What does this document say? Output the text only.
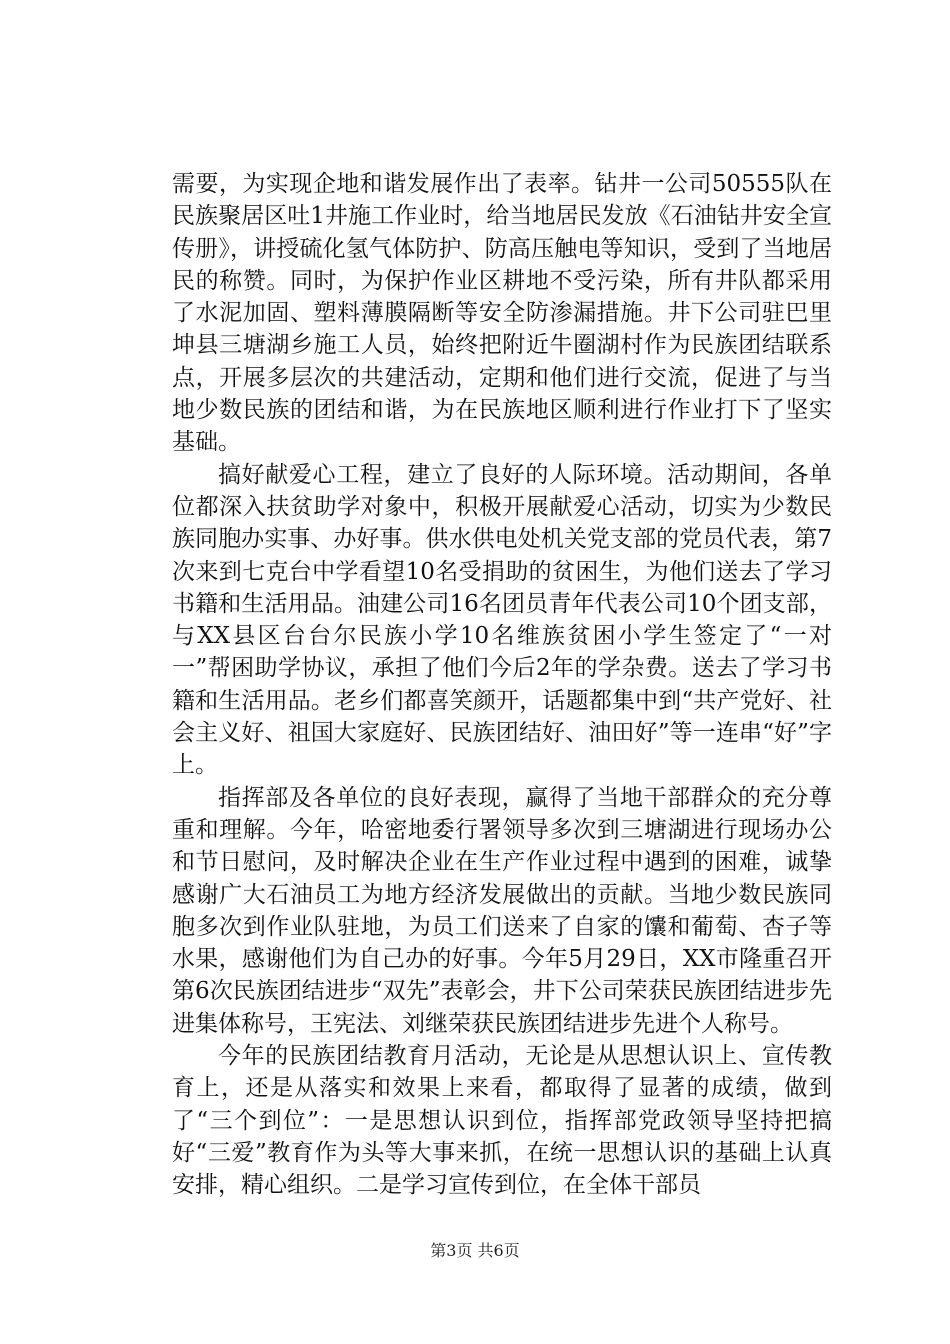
需要，为实现企地和谐发展作出了表率。钻井一公司50555队在民族聚居区吐1井施工作业时，给当地居民发放《石油钻井安全宣传册》，讲授硫化氢气体防护、防高压触电等知识，受到了当地居民的称赞。同时，为保护作业区耕地不受污染，所有井队都采用了水泥加固、塑料薄膜隔断等安全防渗漏措施。井下公司驻巴里坤县三塘湖乡施工人员，始终把附近牛圈湖村作为民族团结联系点，开展多层次的共建活动，定期和他们进行交流，促进了与当地少数民族的团结和谐，为在民族地区顺利进行作业打下了坚实基础。

搞好献爱心工程，建立了良好的人际环境。活动期间，各单位都深入扶贫助学对象中，积极开展献爱心活动，切实为少数民族同胞办实事、办好事。供水供电处机关党支部的党员代表，第7次来到七克台中学看望10名受捐助的贫困生，为他们送去了学习书籍和生活用品。油建公司16名团员青年代表公司10个团支部，与XX县区台台尔民族小学10名维族贫困小学生签定了“一对一”帮困助学协议，承担了他们今后2年的学杂费。送去了学习书籍和生活用品。老乡们都喜笑颜开，话题都集中到“共产党好、社会主义好、祖国大家庭好、民族团结好、油田好”等一连串“好”字上。

指挥部及各单位的良好表现，赢得了当地干部群众的充分尊重和理解。今年，哈密地委行署领导多次到三塘湖进行现场办公和节日慰问，及时解决企业在生产作业过程中遇到的困难，诚挚感谢广大石油员工为地方经济发展做出的贡献。当地少数民族同胞多次到作业队驻地，为员工们送来了自家的馕和葡萄、杏子等水果，感谢他们为自己办的好事。今年5月29日，XX市隆重召开第6次民族团结进步“双先”表彰会，井下公司荣获民族团结进步先进集体称号，王宪法、刘继荣获民族团结进步先进个人称号。

今年的民族团结教育月活动，无论是从思想认识上、宣传教育上，还是从落实和效果上来看，都取得了显著的成绩，做到了“三个到位”：一是思想认识到位，指挥部党政领导坚持把搞好“三爱”教育作为头等大事来抓，在统一思想认识的基础上认真安排，精心组织。二是学习宣传到位，在全体干部员

第3页 共6页
